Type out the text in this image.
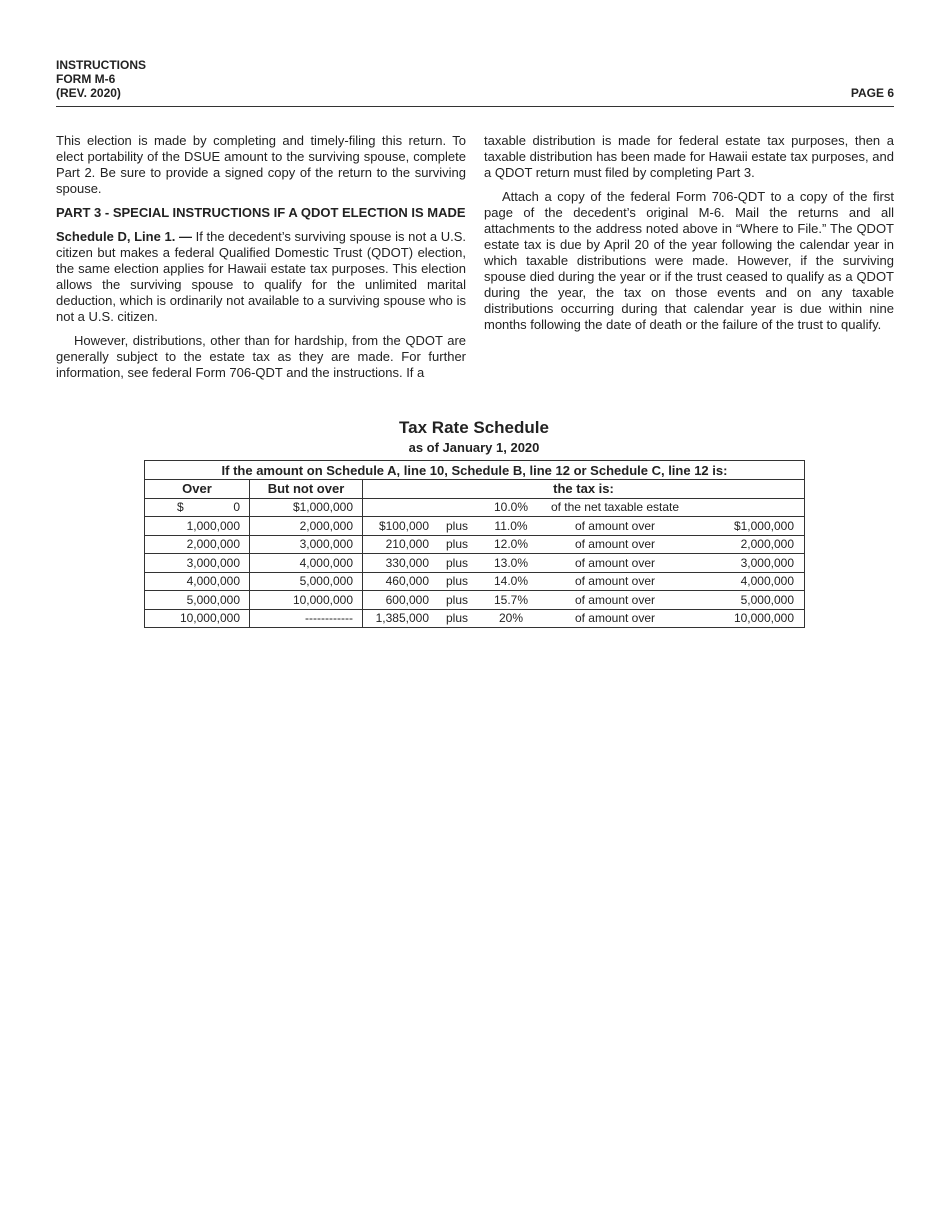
INSTRUCTIONS
FORM M-6
(REV. 2020)	PAGE 6

This election is made by completing and timely-filing this return. To elect portability of the DSUE amount to the surviving spouse, complete Part 2. Be sure to provide a signed copy of the return to the surviving spouse.

PART 3 - SPECIAL INSTRUCTIONS IF A QDOT ELECTION IS MADE

Schedule D, Line 1. — If the decedent’s surviving spouse is not a U.S. citizen but makes a federal Qualified Domestic Trust (QDOT) election, the same election applies for Hawaii estate tax purposes. This election allows the surviving spouse to qualify for the unlimited marital deduction, which is ordinarily not available to a surviving spouse who is not a U.S. citizen.

However, distributions, other than for hardship, from the QDOT are generally subject to the estate tax as they are made. For further information, see federal Form 706-QDT and the instructions. If a

taxable distribution is made for federal estate tax purposes, then a taxable distribution has been made for Hawaii estate tax purposes, and a QDOT return must filed by completing Part 3.

Attach a copy of the federal Form 706-QDT to a copy of the first page of the decedent’s original M-6. Mail the returns and all attachments to the address noted above in “Where to File.” The QDOT estate tax is due by April 20 of the year following the calendar year in which taxable distributions were made. However, if the surviving spouse died during the year or if the trust ceased to qualify as a QDOT during the year, the tax on those events and on any taxable distributions occurring during that calendar year is due within nine months following the date of death or the failure of the trust to qualify.

Tax Rate Schedule
as of January 1, 2020
If the amount on Schedule A, line 10, Schedule B, line 12 or Schedule C, line 12 is:		
Over	But not over	the tax is:

$ 0	$1,000,000	10.0% of the net taxable estate

1,000,000	2,000,000	$100,000 plus 11.0% of amount over $1,000,000

2,000,000	3,000,000	210,000 plus 12.0% of amount over 2,000,000

3,000,000	4,000,000	330,000 plus 13.0% of amount over 3,000,000

4,000,000	5,000,000	460,000 plus 14.0% of amount over 4,000,000

5,000,000	10,000,000	600,000 plus 15.7% of amount over 5,000,000

10,000,000	------------	1,385,000 plus 20% of amount over 10,000,000
